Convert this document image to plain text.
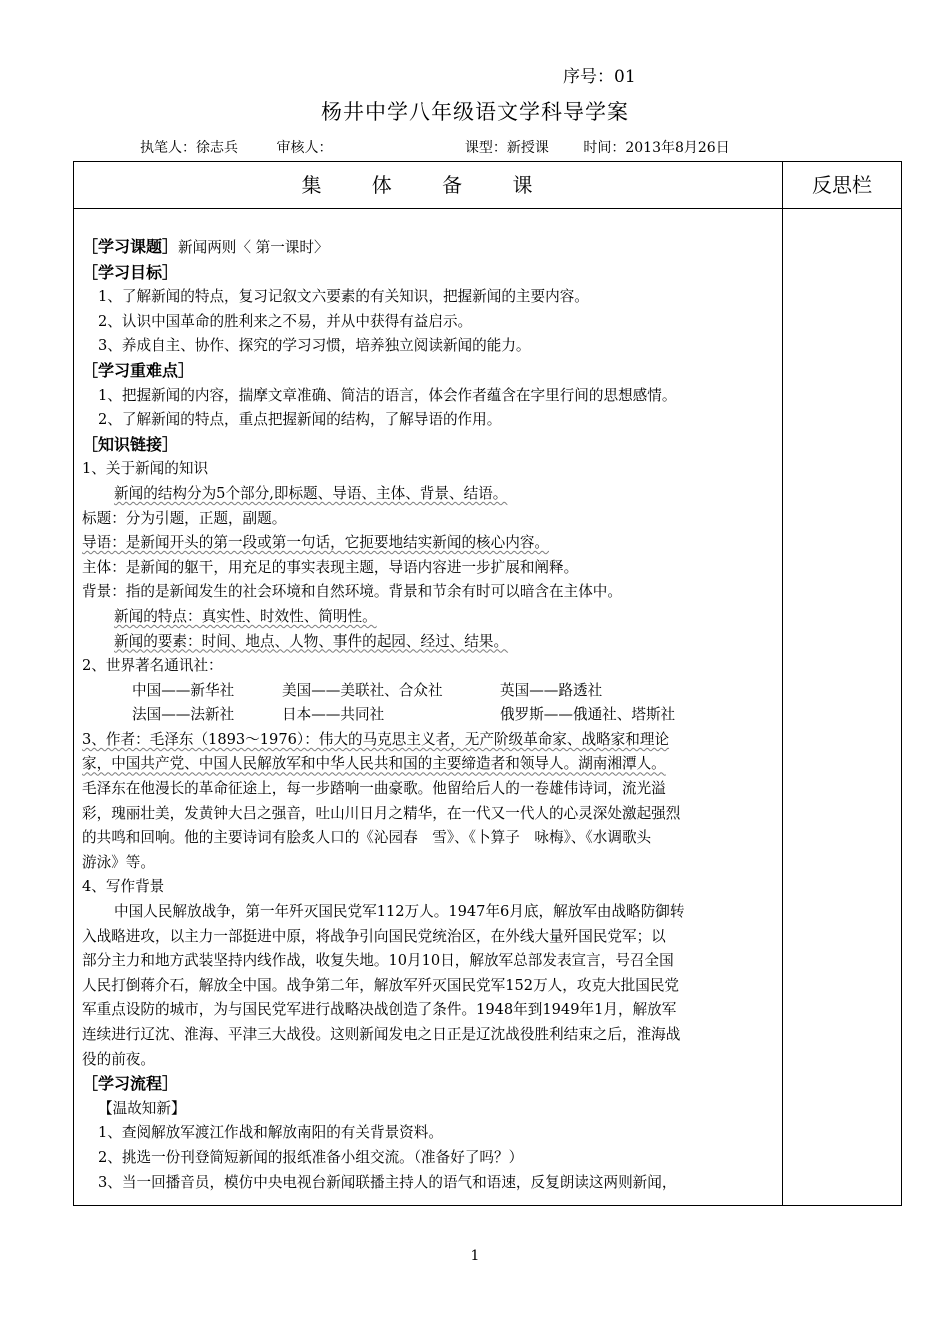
序号：01
杨井中学八年级语文学科导学案
执笔人：徐志兵	审核人：	课型：新授课 时间：2013年8月26日
集 体 备 课	反思栏

［学习课题］新闻两则〈 第一课时〉

［学习目标］

1、了解新闻的特点，复习记叙文六要素的有关知识，把握新闻的主要内容。

2、认识中国革命的胜利来之不易，并从中获得有益启示。

3、养成自主、协作、探究的学习习惯，培养独立阅读新闻的能力。

［学习重难点］

1、把握新闻的内容，揣摩文章准确、简洁的语言，体会作者蕴含在字里行间的思想感情。

2、了解新闻的特点，重点把握新闻的结构，了解导语的作用。

［知识链接］

1、关于新闻的知识

新闻的结构分为5个部分,即标题、导语、主体、背景、结语。

标题：分为引题，正题，副题。

导语：是新闻开头的第一段或第一句话，它扼要地结实新闻的核心内容。

主体：是新闻的躯干，用充足的事实表现主题，导语内容进一步扩展和阐释。

背景：指的是新闻发生的社会环境和自然环境。背景和节余有时可以暗含在主体中。

新闻的特点：真实性、时效性、简明性。

新闻的要素：时间、地点、人物、事件的起园、经过、结果。

2、世界著名通讯社：

中国——新华社	美国——美联社、合众社	英国——路透社

法国——法新社	日本——共同社	俄罗斯——俄通社、塔斯社

3、作者：毛泽东（1893～1976）：伟大的马克思主义者，无产阶级革命家、战略家和理论

家，中国共产党、中国人民解放军和中华人民共和国的主要缔造者和领导人。湖南湘潭人。

毛泽东在他漫长的革命征途上，每一步踏响一曲豪歌。他留给后人的一卷雄伟诗词，流光溢

彩，瑰丽壮美，发黄钟大吕之强音，吐山川日月之精华，在一代又一代人的心灵深处激起强烈

的共鸣和回响。他的主要诗词有脍炙人口的《沁园春　雪》、《卜算子　咏梅》、《水调歌头

游泳》等。

4、写作背景

中国人民解放战争，第一年歼灭国民党军112万人。1947年6月底，解放军由战略防御转

入战略进攻，以主力一部挺进中原，将战争引向国民党统治区，在外线大量歼国民党军；以

部分主力和地方武装坚持内线作战，收复失地。10月10日，解放军总部发表宣言，号召全国

人民打倒蒋介石，解放全中国。战争第二年，解放军歼灭国民党军152万人，攻克大批国民党

军重点设防的城市，为与国民党军进行战略决战创造了条件。1948年到1949年1月，解放军

连续进行辽沈、淮海、平津三大战役。这则新闻发电之日正是辽沈战役胜利结束之后，淮海战

役的前夜。

［学习流程］

【温故知新】

1、查阅解放军渡江作战和解放南阳的有关背景资料。

2、挑选一份刊登简短新闻的报纸准备小组交流。（准备好了吗？）

3、当一回播音员，模仿中央电视台新闻联播主持人的语气和语速，反复朗读这两则新闻，

1
